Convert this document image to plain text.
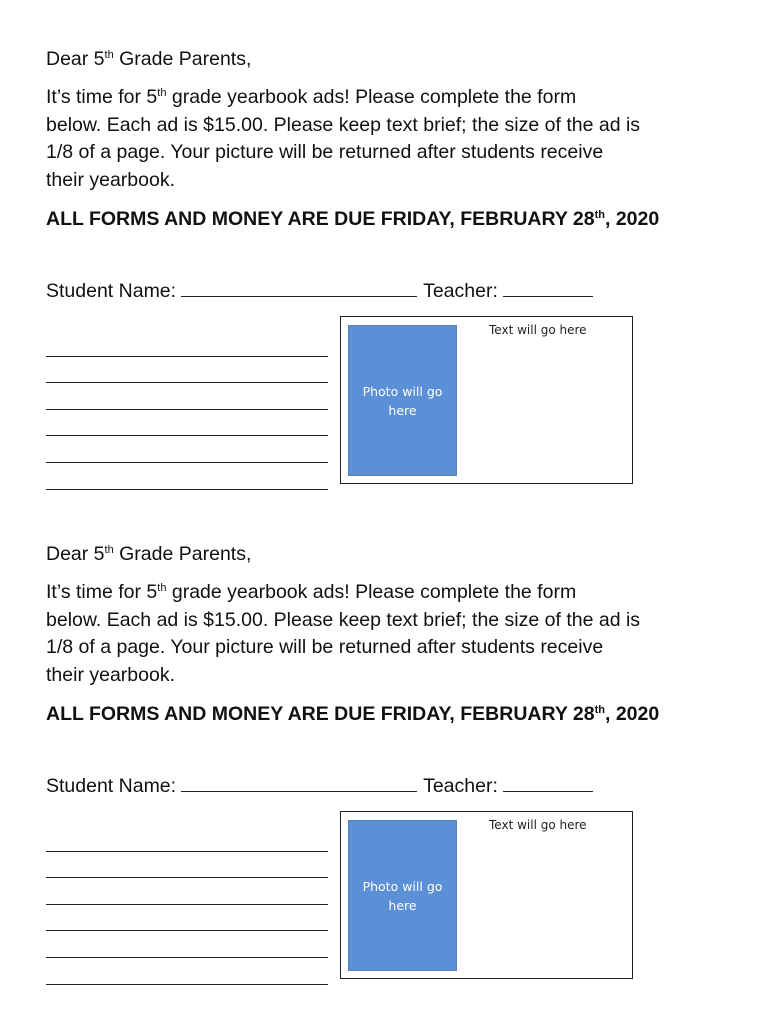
Dear 5th Grade Parents,
It’s time for 5th grade yearbook ads! Please complete the form
below. Each ad is $15.00. Please keep text brief; the size of the ad is
1/8 of a page. Your picture will be returned after students receive
their yearbook.
ALL FORMS AND MONEY ARE DUE FRIDAY, FEBRUARY 28th, 2020
Student Name:	Teacher:
Photo will go here
Text will go here
Dear 5th Grade Parents,
It’s time for 5th grade yearbook ads! Please complete the form
below. Each ad is $15.00. Please keep text brief; the size of the ad is
1/8 of a page. Your picture will be returned after students receive
their yearbook.
ALL FORMS AND MONEY ARE DUE FRIDAY, FEBRUARY 28th, 2020
Student Name:	Teacher:
Photo will go here
Text will go here
